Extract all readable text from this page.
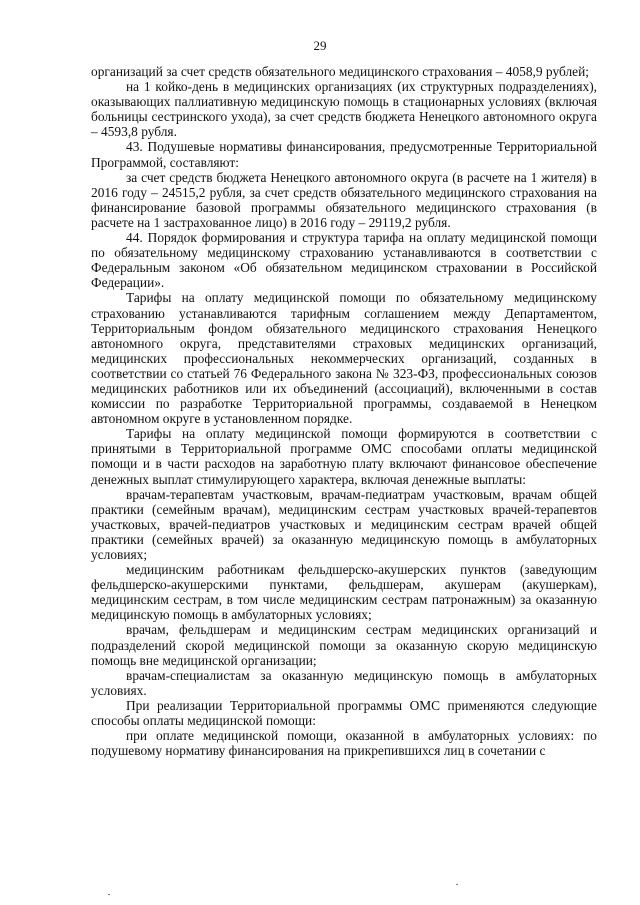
29

организаций за счет средств обязательного медицинского страхования – 4058,9 рублей;

на 1 койко-день в медицинских организациях (их структурных подразделениях), оказывающих паллиативную медицинскую помощь в стационарных условиях (включая больницы сестринского ухода), за счет средств бюджета Ненецкого автономного округа – 4593,8 рубля.

43. Подушевые нормативы финансирования, предусмотренные Территориальной Программой, составляют:

за счет средств бюджета Ненецкого автономного округа (в расчете на 1 жителя) в 2016 году – 24515,2 рубля, за счет средств обязательного медицинского страхования на финансирование базовой программы обязательного медицинского страхования (в расчете на 1 застрахованное лицо) в 2016 году – 29119,2 рубля.

44. Порядок формирования и структура тарифа на оплату медицинской помощи по обязательному медицинскому страхованию устанавливаются в соответствии с Федеральным законом «Об обязательном медицинском страховании в Российской Федерации».

Тарифы на оплату медицинской помощи по обязательному медицинскому страхованию устанавливаются тарифным соглашением между Департаментом, Территориальным фондом обязательного медицинского страхования Ненецкого автономного округа, представителями страховых медицинских организаций, медицинских профессиональных некоммерческих организаций, созданных в соответствии со статьей 76 Федерального закона № 323-ФЗ, профессиональных союзов медицинских работников или их объединений (ассоциаций), включенными в состав комиссии по разработке Территориальной программы, создаваемой в Ненецком автономном округе в установленном порядке.

Тарифы на оплату медицинской помощи формируются в соответствии с принятыми в Территориальной программе ОМС способами оплаты медицинской помощи и в части расходов на заработную плату включают финансовое обеспечение денежных выплат стимулирующего характера, включая денежные выплаты:

врачам-терапевтам участковым, врачам-педиатрам участковым, врачам общей практики (семейным врачам), медицинским сестрам участковых врачей-терапевтов участковых, врачей-педиатров участковых и медицинским сестрам врачей общей практики (семейных врачей) за оказанную медицинскую помощь в амбулаторных условиях;

медицинским работникам фельдшерско-акушерских пунктов (заведующим фельдшерско-акушерскими пунктами, фельдшерам, акушерам (акушеркам), медицинским сестрам, в том числе медицинским сестрам патронажным) за оказанную медицинскую помощь в амбулаторных условиях;

врачам, фельдшерам и медицинским сестрам медицинских организаций и подразделений скорой медицинской помощи за оказанную скорую медицинскую помощь вне медицинской организации;

врачам-специалистам за оказанную медицинскую помощь в амбулаторных условиях.

При реализации Территориальной программы ОМС применяются следующие способы оплаты медицинской помощи:

при оплате медицинской помощи, оказанной в амбулаторных условиях: по подушевому нормативу финансирования на прикрепившихся лиц в сочетании с
